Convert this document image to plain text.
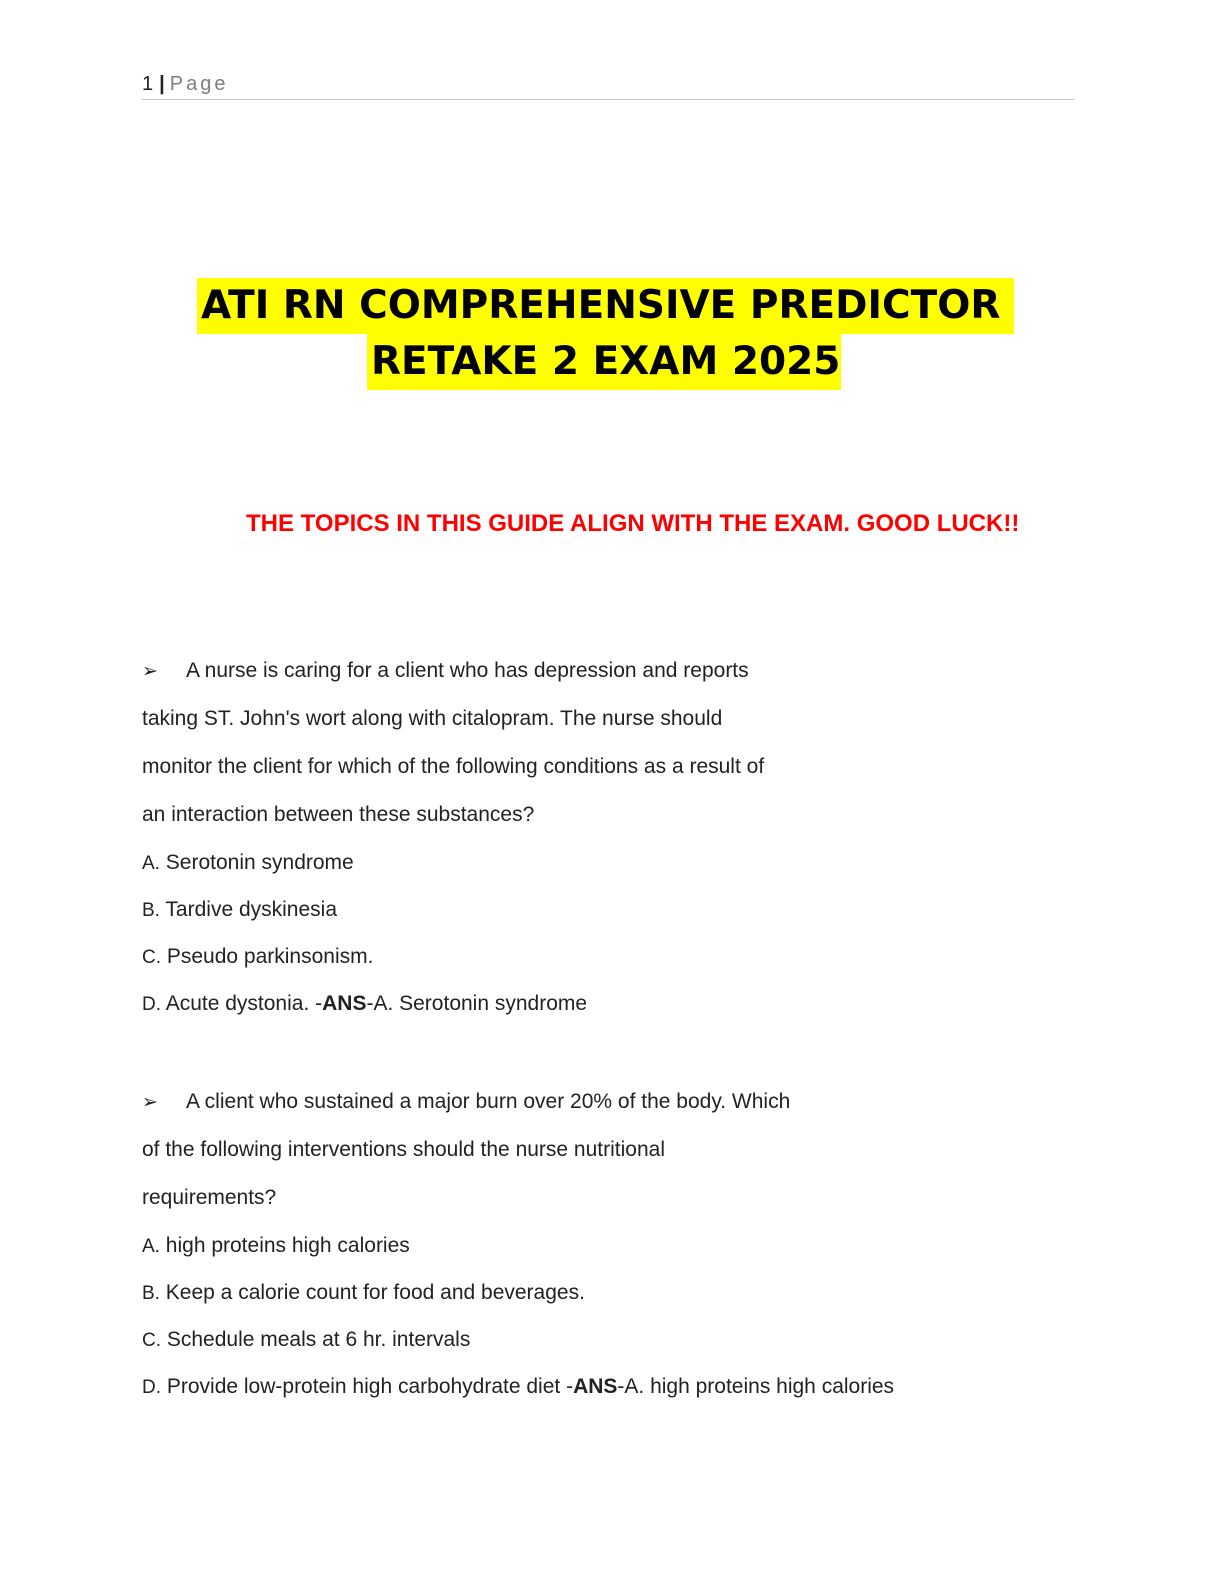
1 | Page
ATI RN COMPREHENSIVE PREDICTOR
RETAKE 2 EXAM 2025
THE TOPICS IN THIS GUIDE ALIGN WITH THE EXAM. GOOD LUCK!!
➢ A nurse is caring for a client who has depression and reports
taking ST. John's wort along with citalopram. The nurse should
monitor the client for which of the following conditions as a result of
an interaction between these substances?
A. Serotonin syndrome
B. Tardive dyskinesia
C. Pseudo parkinsonism.
D. Acute dystonia. -ANS-A. Serotonin syndrome
➢ A client who sustained a major burn over 20% of the body. Which
of the following interventions should the nurse nutritional
requirements?
A. high proteins high calories
B. Keep a calorie count for food and beverages.
C. Schedule meals at 6 hr. intervals
D. Provide low-protein high carbohydrate diet -ANS-A. high proteins high calories
